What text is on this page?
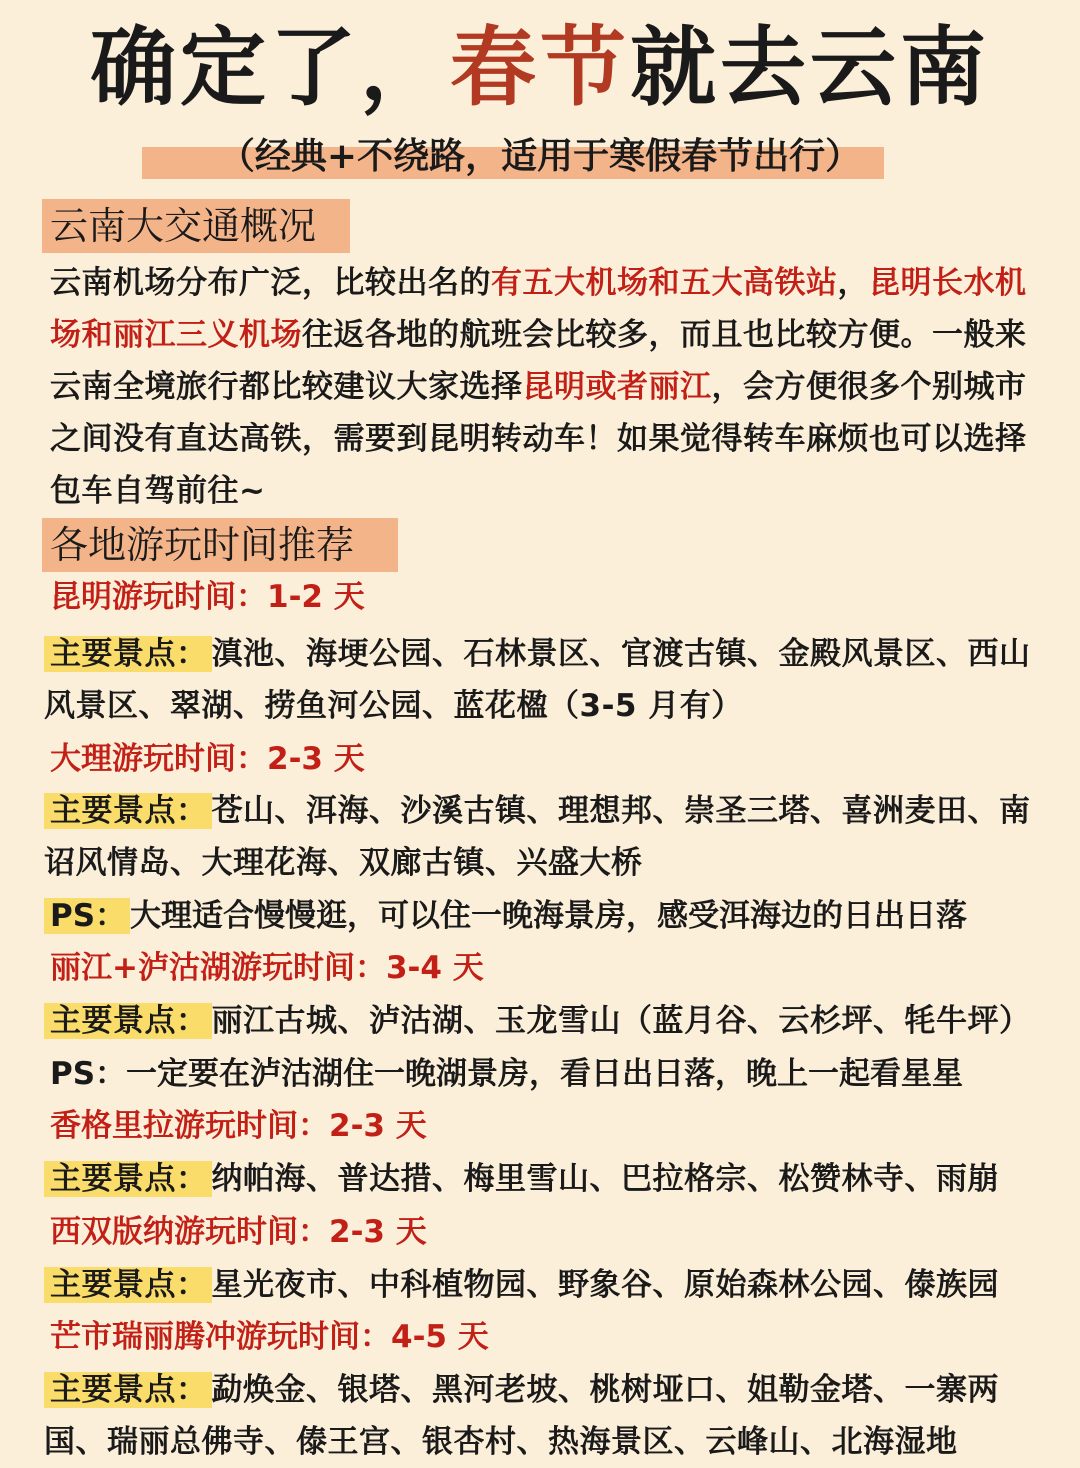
确定了，春节就去云南
（经典+不绕路，适用于寒假春节出行）
云南大交通概况
云南机场分布广泛，比较出名的有五大机场和五大高铁站，昆明长水机场和丽江三义机场往返各地的航班会比较多，而且也比较方便。一般来云南全境旅行都比较建议大家选择昆明或者丽江，会方便很多个别城市之间没有直达高铁，需要到昆明转动车！如果觉得转车麻烦也可以选择包车自驾前往~
各地游玩时间推荐
昆明游玩时间：1-2 天
主要景点： 滇池、海埂公园、石林景区、官渡古镇、金殿风景区、西山风景区、翠湖、捞鱼河公园、蓝花楹（3-5 月有）
大理游玩时间：2-3 天
主要景点： 苍山、洱海、沙溪古镇、理想邦、崇圣三塔、喜洲麦田、南诏风情岛、大理花海、双廊古镇、兴盛大桥
PS： 大理适合慢慢逛，可以住一晚海景房，感受洱海边的日出日落
丽江+泸沽湖游玩时间：3-4 天
主要景点： 丽江古城、泸沽湖、玉龙雪山（蓝月谷、云杉坪、牦牛坪）
PS：一定要在泸沽湖住一晚湖景房，看日出日落，晚上一起看星星
香格里拉游玩时间：2-3 天
主要景点： 纳帕海、普达措、梅里雪山、巴拉格宗、松赞林寺、雨崩
西双版纳游玩时间：2-3 天
主要景点： 星光夜市、中科植物园、野象谷、原始森林公园、傣族园
芒市瑞丽腾冲游玩时间：4-5 天
主要景点： 勐焕金、银塔、黑河老坡、桃树垭口、姐勒金塔、一寨两国、瑞丽总佛寺、傣王宫、银杏村、热海景区、云峰山、北海湿地
